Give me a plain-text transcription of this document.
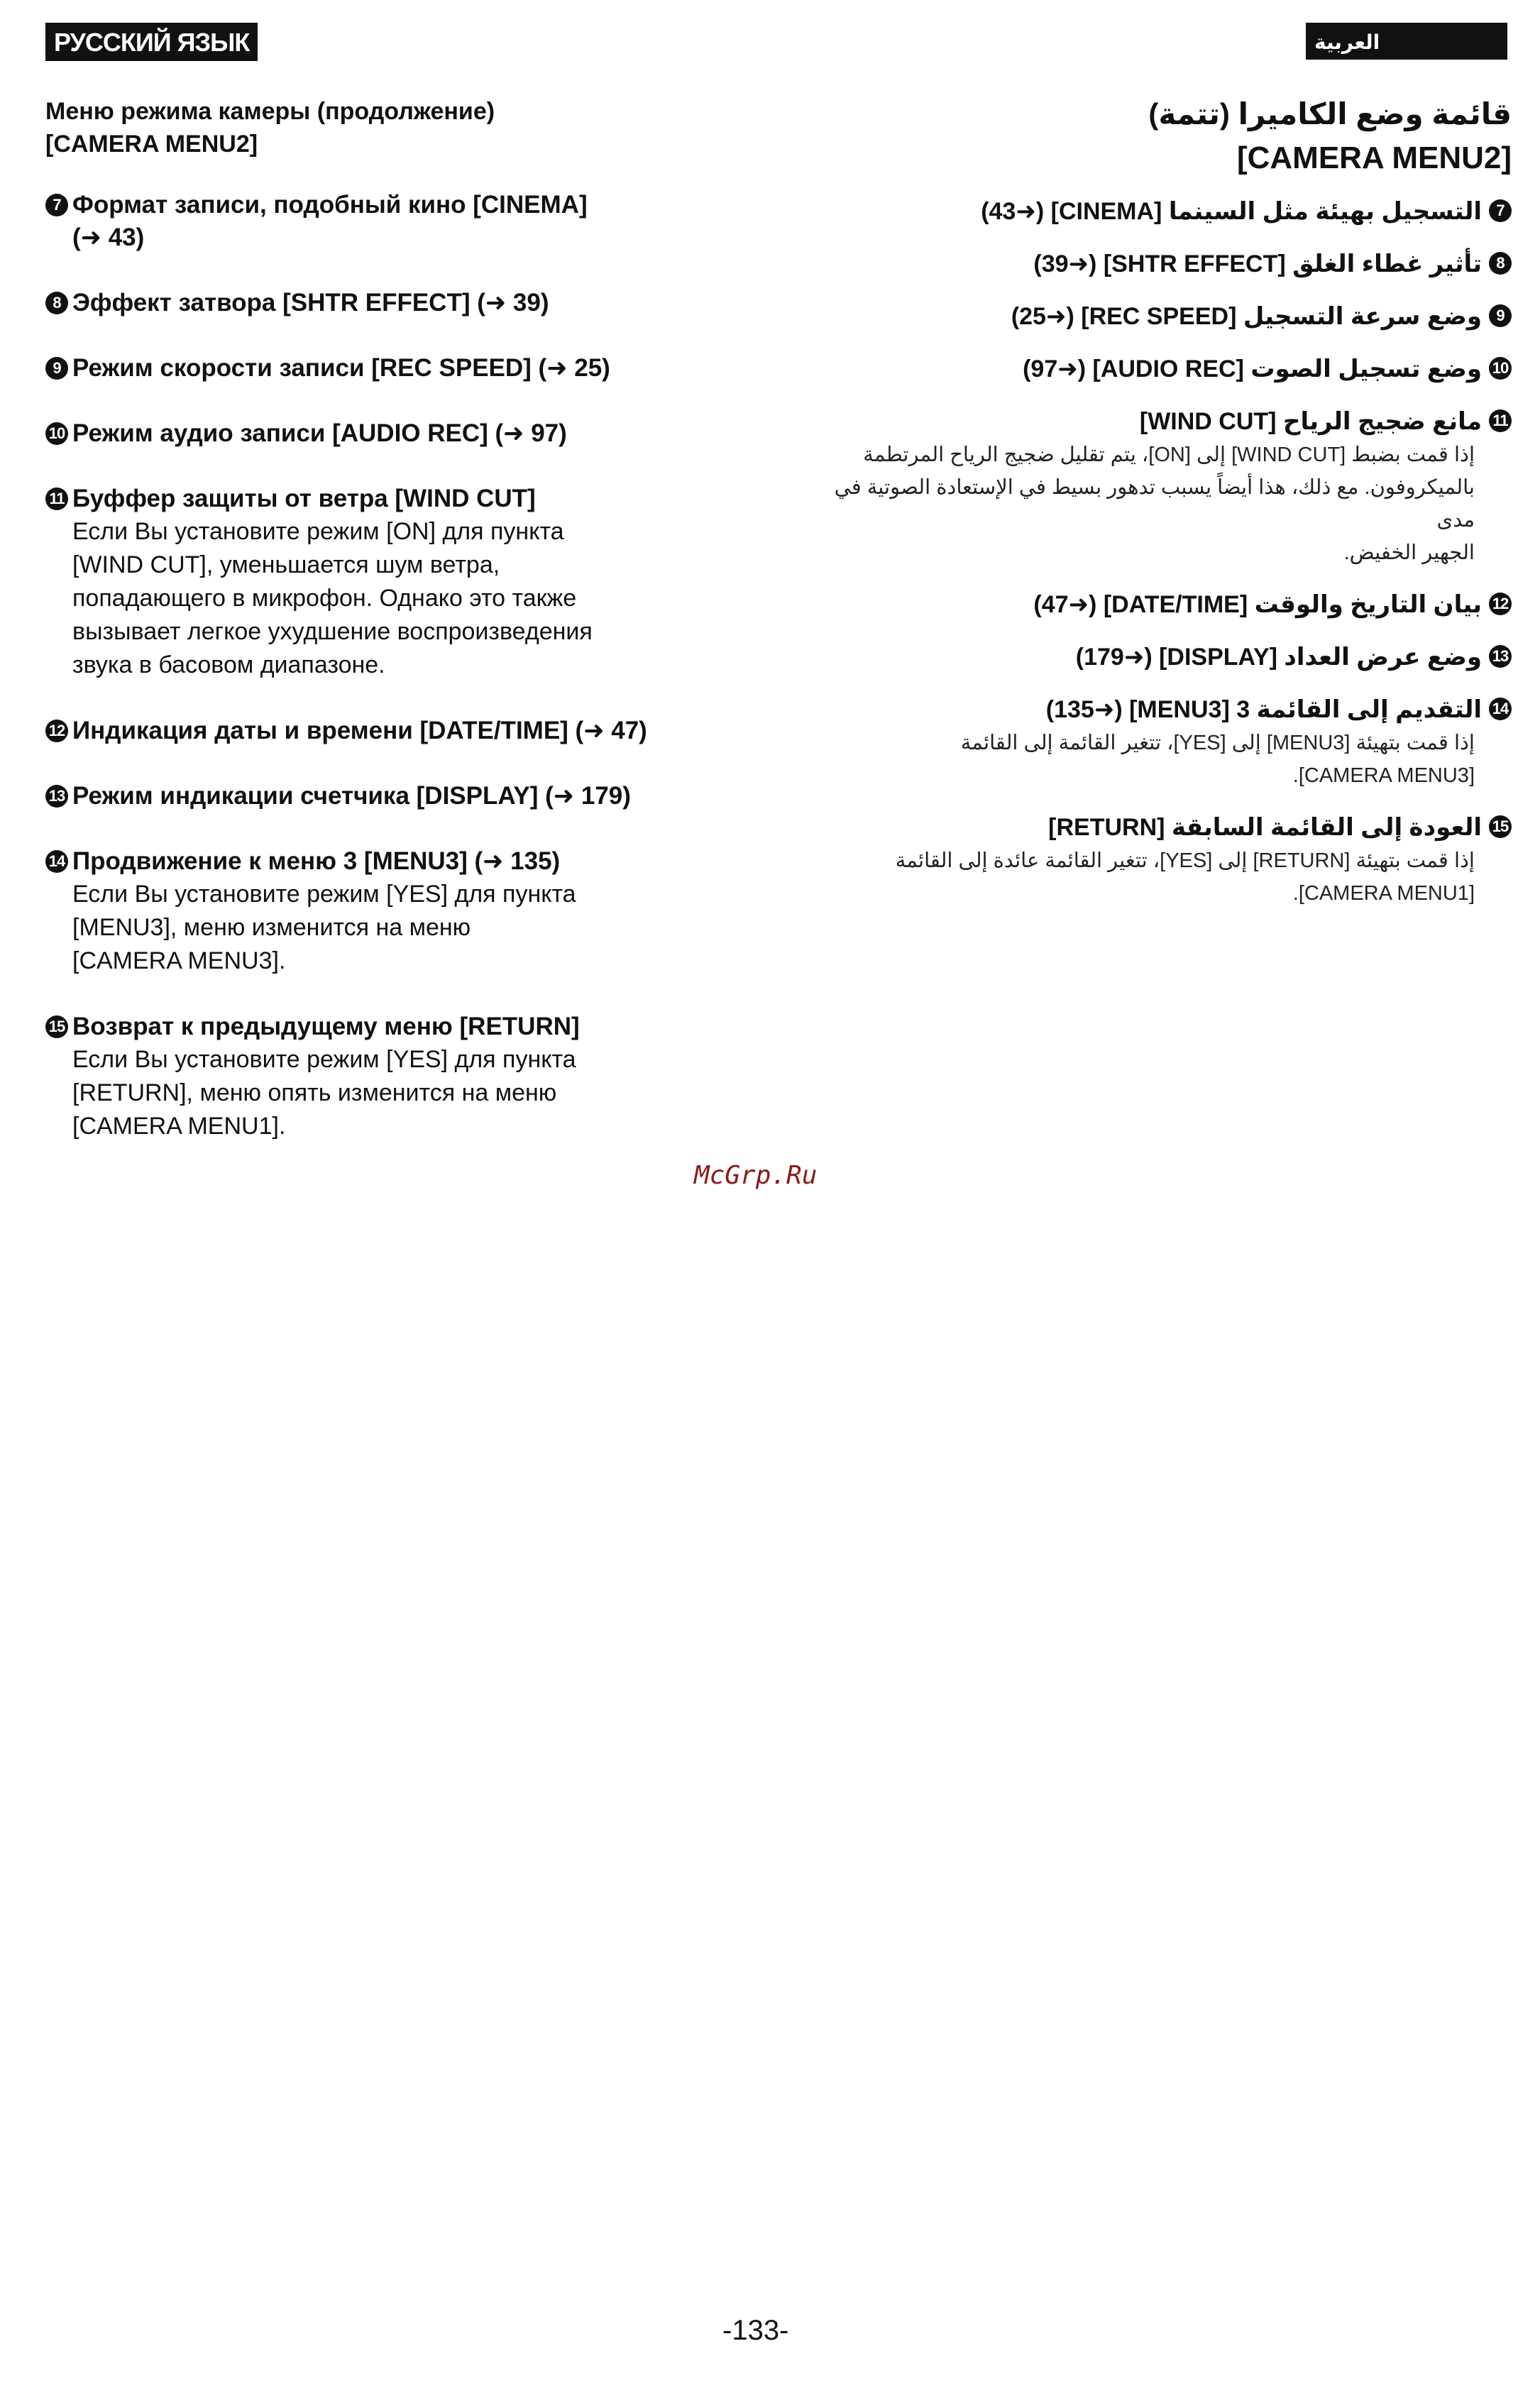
РУССКИЙ ЯЗЫК	العربية
Меню режима камеры (продолжение)
[CAMERA MENU2]
7 Формат записи, подобный кино [CINEMA]
(➜ 43)
8 Эффект затвора [SHTR EFFECT] (➜ 39)
9 Режим скорости записи [REC SPEED] (➜ 25)
10 Режим аудио записи [AUDIO REC] (➜ 97)
11 Буффер защиты от ветра [WIND CUT]
Если Вы установите режим [ON] для пункта
[WIND CUT], уменьшается шум ветра,
попадающего в микрофон. Однако это также
вызывает легкое ухудшение воспроизведения
звука в басовом диапазоне.
12 Индикация даты и времени [DATE/TIME] (➜ 47)
13 Режим индикации счетчика [DISPLAY] (➜ 179)
14 Продвижение к меню 3 [MENU3] (➜ 135)
Если Вы установите режим [YES] для пункта
[MENU3], меню изменится на меню
[CAMERA MENU3].
15 Возврат к предыдущему меню [RETURN]
Если Вы установите режим [YES] для пункта
[RETURN], меню опять изменится на меню
[CAMERA MENU1].
قائمة وضع الكاميرا (تتمة)
[CAMERA MENU2]
7
التسجيل بهيئة مثل السينما [CINEMA] (➜43)
8
تأثير غطاء الغلق [SHTR EFFECT] (➜39)
9
وضع سرعة التسجيل [REC SPEED] (➜25)
10
وضع تسجيل الصوت [AUDIO REC] (➜97)
11
مانع ضجيج الرياح [WIND CUT]
إذا قمت بضبط [WIND CUT] إلى [ON]، يتم تقليل ضجيج الرياح المرتطمة
بالميكروفون. مع ذلك، هذا أيضاً يسبب تدهور بسيط في الإستعادة الصوتية في مدى
الجهير الخفيض.
12
بيان التاريخ والوقت [DATE/TIME] (➜47)
13
وضع عرض العداد [DISPLAY] (➜179)
14
التقديم إلى القائمة 3 [MENU3] (➜135)
إذا قمت بتهيئة [MENU3] إلى [YES]، تتغير القائمة إلى القائمة
[CAMERA MENU3].
15
العودة إلى القائمة السابقة [RETURN]
إذا قمت بتهيئة [RETURN] إلى [YES]، تتغير القائمة عائدة إلى القائمة
[CAMERA MENU1].
McGrp.Ru
-133-
